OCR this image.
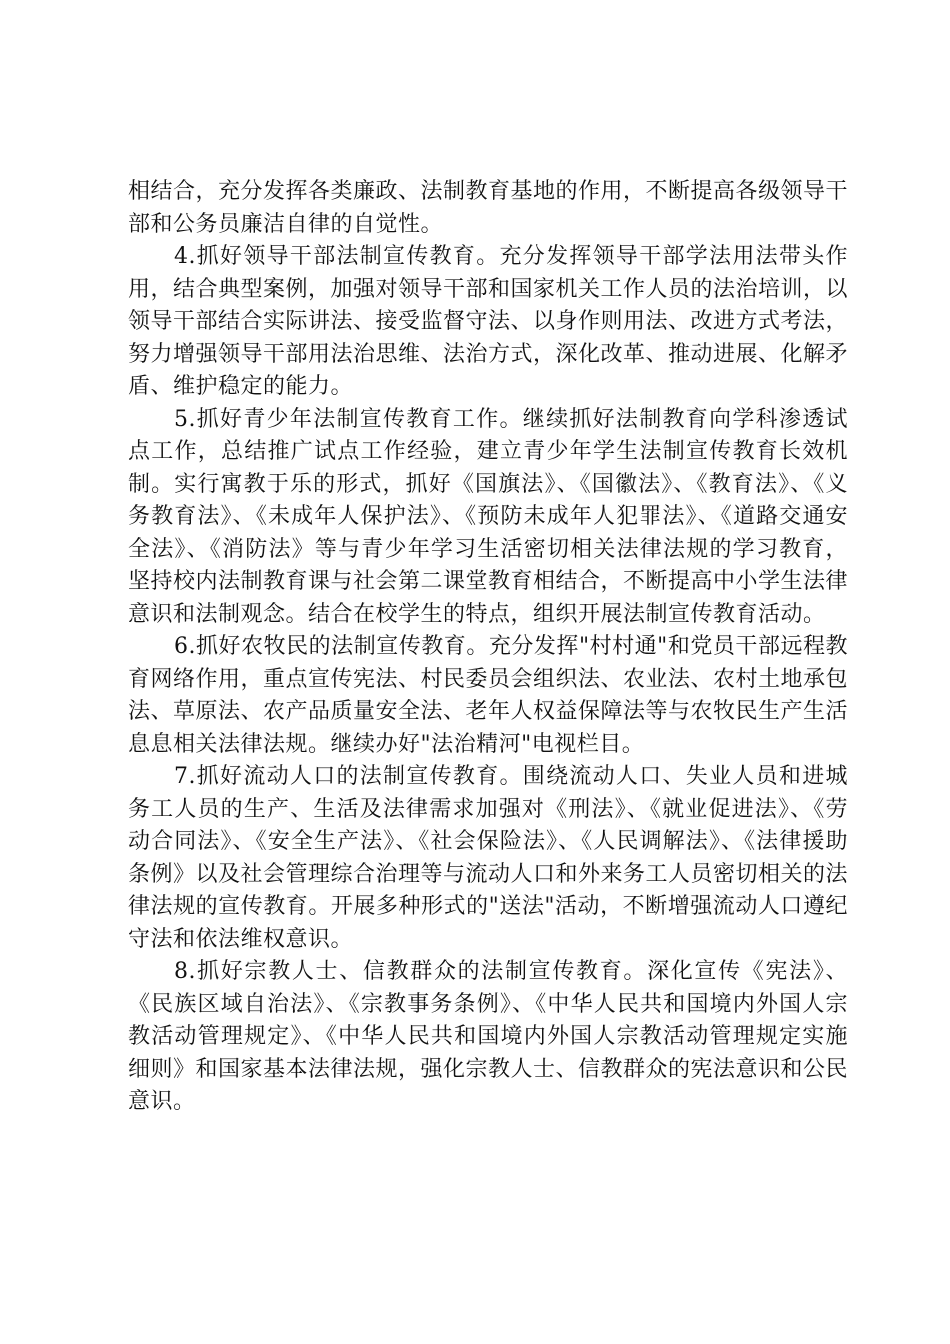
相结合，充分发挥各类廉政、法制教育基地的作用，不断提高各级领导干部和公务员廉洁自律的自觉性。

4.抓好领导干部法制宣传教育。充分发挥领导干部学法用法带头作用，结合典型案例，加强对领导干部和国家机关工作人员的法治培训，以领导干部结合实际讲法、接受监督守法、以身作则用法、改进方式考法，努力增强领导干部用法治思维、法治方式，深化改革、推动进展、化解矛盾、维护稳定的能力。

5.抓好青少年法制宣传教育工作。继续抓好法制教育向学科渗透试点工作，总结推广试点工作经验，建立青少年学生法制宣传教育长效机制。实行寓教于乐的形式，抓好《国旗法》、《国徽法》、《教育法》、《义务教育法》、《未成年人保护法》、《预防未成年人犯罪法》、《道路交通安全法》、《消防法》等与青少年学习生活密切相关法律法规的学习教育，坚持校内法制教育课与社会第二课堂教育相结合，不断提高中小学生法律意识和法制观念。结合在校学生的特点，组织开展法制宣传教育活动。

6.抓好农牧民的法制宣传教育。充分发挥"村村通"和党员干部远程教育网络作用，重点宣传宪法、村民委员会组织法、农业法、农村土地承包法、草原法、农产品质量安全法、老年人权益保障法等与农牧民生产生活息息相关法律法规。继续办好"法治精河"电视栏目。

7.抓好流动人口的法制宣传教育。围绕流动人口、失业人员和进城务工人员的生产、生活及法律需求加强对《刑法》、《就业促进法》、《劳动合同法》、《安全生产法》、《社会保险法》、《人民调解法》、《法律援助条例》以及社会管理综合治理等与流动人口和外来务工人员密切相关的法律法规的宣传教育。开展多种形式的"送法"活动，不断增强流动人口遵纪守法和依法维权意识。

8.抓好宗教人士、信教群众的法制宣传教育。深化宣传《宪法》、《民族区域自治法》、《宗教事务条例》、《中华人民共和国境内外国人宗教活动管理规定》、《中华人民共和国境内外国人宗教活动管理规定实施细则》和国家基本法律法规，强化宗教人士、信教群众的宪法意识和公民意识。
